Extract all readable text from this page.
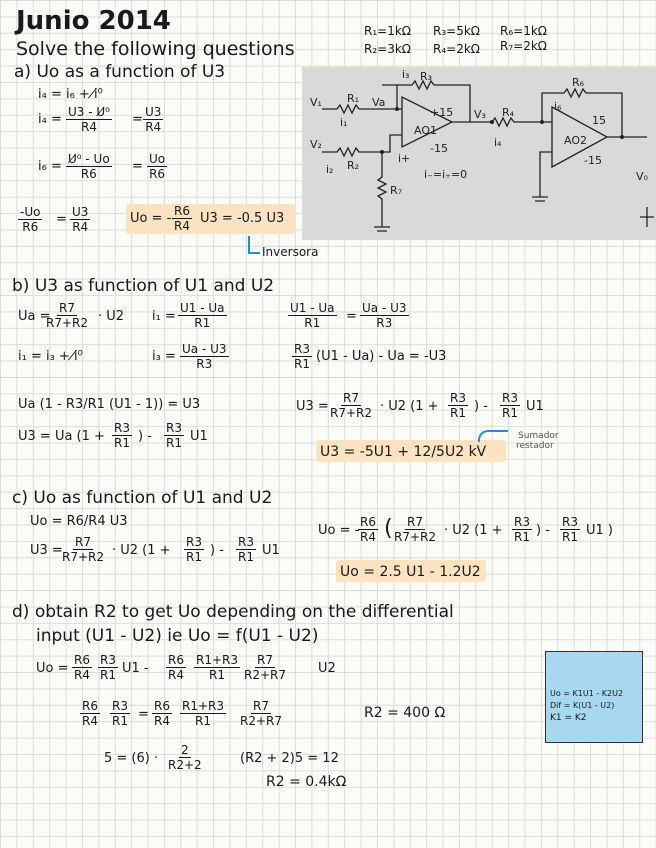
Junio 2014
Solve the following questions
R₁=1kΩ R₃=5kΩ R₆=1kΩ
R₂=3kΩ R₄=2kΩ R₇=2kΩ
V₁ R₁ Va
i₁
i₃ R₃
+15
AO1
-15
V₂
R₂
i₂
i+
R₇
i₋=i₊=0
V₃ R₄
i₄
i₆
R₆
15
AO2
-15
V₀
a) Uo as a function of U3
i₄ = i₆ + i̸⁰
$i_4 = \frac{\text{U3 - U̸⁰}}{R4} = \frac{U3}{R4}$
$i_6 = \frac{\text{U̸⁰ - Uo}}{R6}$ = -
$\frac{Uo}{R6}$
$\frac{-Uo}{R6} = \frac{U3}{R4}$	Uo = - $\frac{R6}{R4} U3 = -0.5$ U3
Inversora
b) U3 as function of U1 and U2
Ua =
$\frac{R7}{R7+R2} \cdot U2$ $i_1 = \frac{U1 - Ua}{R1}$	$\frac{U1 - Ua}{R1} = \frac{Ua - U3}{R3}$
i₁ = i₃ + i̸⁰	$i_3 = \frac{Ua - U3}{R3}$	$\frac{R3}{R1} (U1 - Ua) - Ua = -U3$
Ua (1 - R3/R1 (U1 - 1)) = U3	$U3 = \frac{R7}{R7+R2} \cdot U2$ ($1 + \frac{R3}{R1}$ ) - $\frac{R3}{R1} U1$
U3 = Ua ($1 + \frac{R3}{R1}$ ) - $\frac{R3}{R1} U1$
U3 = -5U1 + 12/5U2 kV
Sumador
restador
c) Uo as function of U1 and U2
Uo = R6/R4 U3
$U3 = \frac{R7}{R7+R2} \cdot U2$ ($1 + \frac{R3}{R1}$ ) - $\frac{R3}{R1} U1$
Uo = -
$\frac{R6}{R4}$ ( $\frac{R7}{R7+R2} \cdot U2$ ($1 + \frac{R3}{R1}$ ) - $\frac{R3}{R1} U1$ )
Uo = 2.5 U1 - 1.2U2
d) obtain R2 to get Uo depending on the differential
input (U1 - U2) ie Uo = f(U1 - U2)
$Uo = \frac{R6}{R4} \frac{R3}{R1} U1 - \frac{R6}{R4} \frac{R1+R3}{R1} \frac{R7}{R2+R7} U2$
$\frac{R6}{R4} \frac{R3}{R1} = \frac{R6}{R4} \frac{R1+R3}{R1} \frac{R7}{R2+R7}$	R2 = 400 Ω
$5 = (6) \cdot \frac{2}{R2+2}$	(R2 + 2)5 = 12
R2 = 0.4kΩ
Uo = K1U1 - K2U2
Dif = K(U1 - U2)
K1 = K2
